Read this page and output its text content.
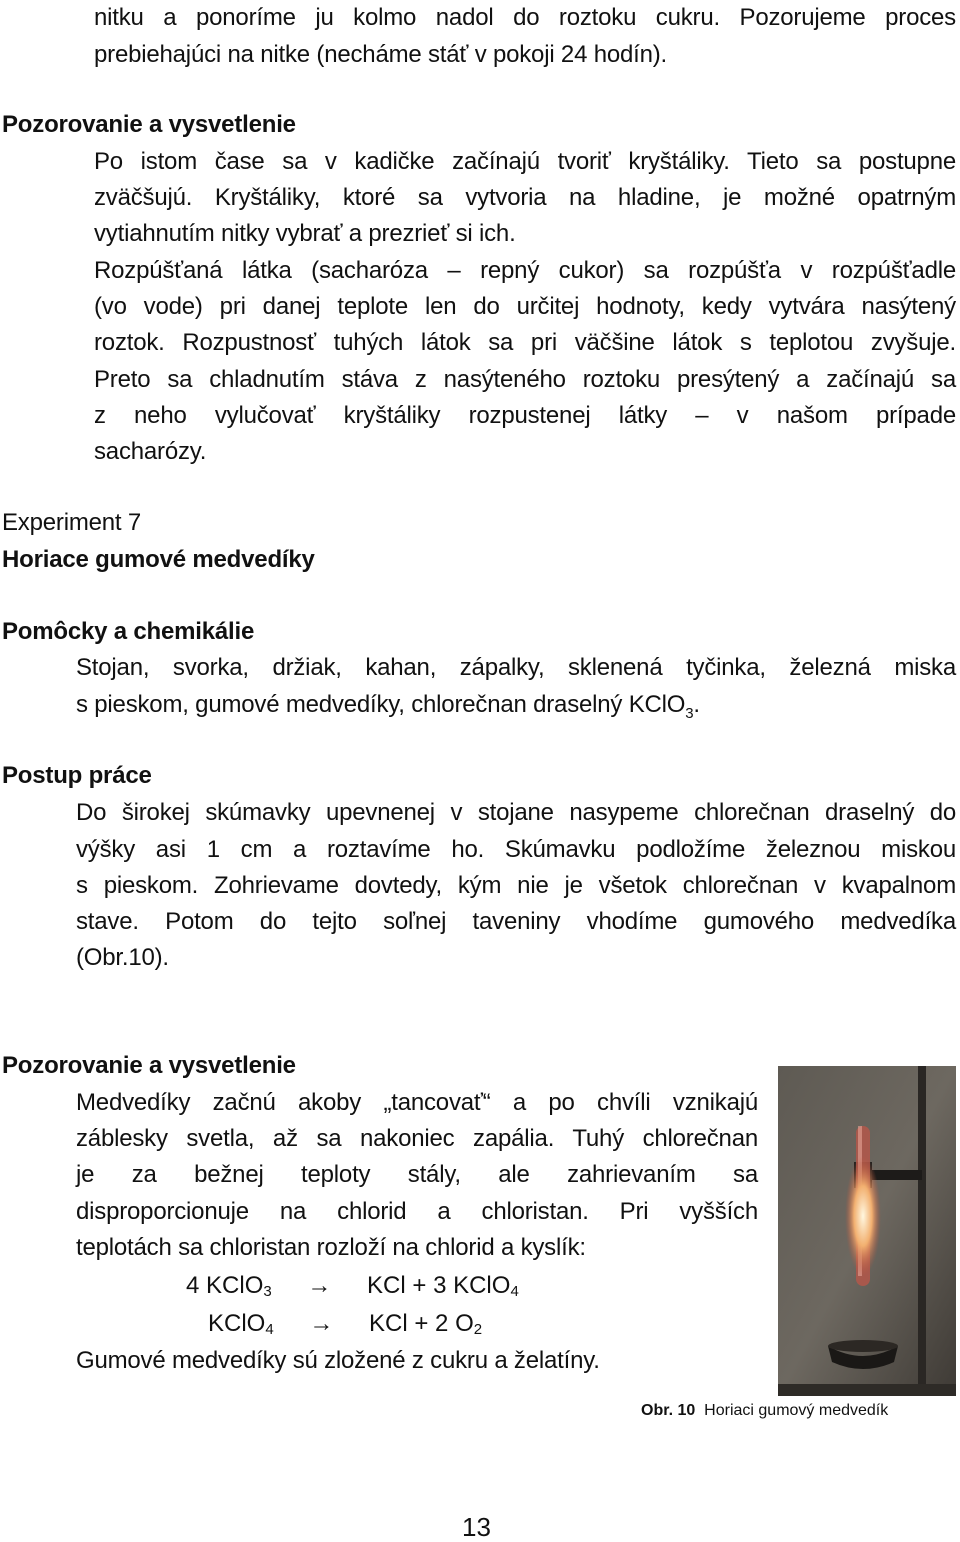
nitku a ponoríme ju kolmo nadol do roztoku cukru. Pozorujeme proces
prebiehajúci na nitke (necháme stáť v pokoji 24 hodín).
Pozorovanie a vysvetlenie
Po istom čase sa v kadičke začínajú tvoriť kryštáliky. Tieto sa postupne
zväčšujú. Kryštáliky, ktoré sa vytvoria na hladine, je možné opatrným
vytiahnutím nitky vybrať a prezrieť si ich.
Rozpúšťaná látka (sacharóza – repný cukor) sa rozpúšťa v rozpúšťadle
(vo vode) pri danej teplote len do určitej hodnoty, kedy vytvára nasýtený
roztok. Rozpustnosť tuhých látok sa pri väčšine látok s teplotou zvyšuje.
Preto sa chladnutím stáva z nasýteného roztoku presýtený a začínajú sa
z neho vylučovať kryštáliky rozpustenej látky – v našom prípade
sacharózy.
Experiment 7
Horiace gumové medvedíky
Pomôcky a chemikálie
Stojan, svorka, držiak, kahan, zápalky, sklenená tyčinka, železná miska
s pieskom, gumové medvedíky, chlorečnan draselný KClO$_3$.
Postup práce
Do širokej skúmavky upevnenej v stojane nasypeme chlorečnan draselný do
výšky asi 1 cm a roztavíme ho. Skúmavku podložíme železnou miskou
s pieskom. Zohrievame dovtedy, kým nie je všetok chlorečnan v kvapalnom
stave. Potom do tejto soľnej taveniny vhodíme gumového medvedíka
(Obr.10).
Pozorovanie a vysvetlenie
Medvedíky začnú akoby „tancovať“ a po chvíli vznikajú
záblesky svetla, až sa nakoniec zapália. Tuhý chlorečnan
je za bežnej teploty stály, ale zahrievaním sa
disproporcionuje na chlorid a chloristan. Pri vyšších
teplotách sa chloristan rozloží na chlorid a kyslík:
4 KClO$_3$ → KCl + 3 KClO$_4$
KClO$_4$ → KCl + 2 $O_2$
Gumové medvedíky sú zložené z cukru a želatíny.
Obr. 10 Horiaci gumový medvedík
13
